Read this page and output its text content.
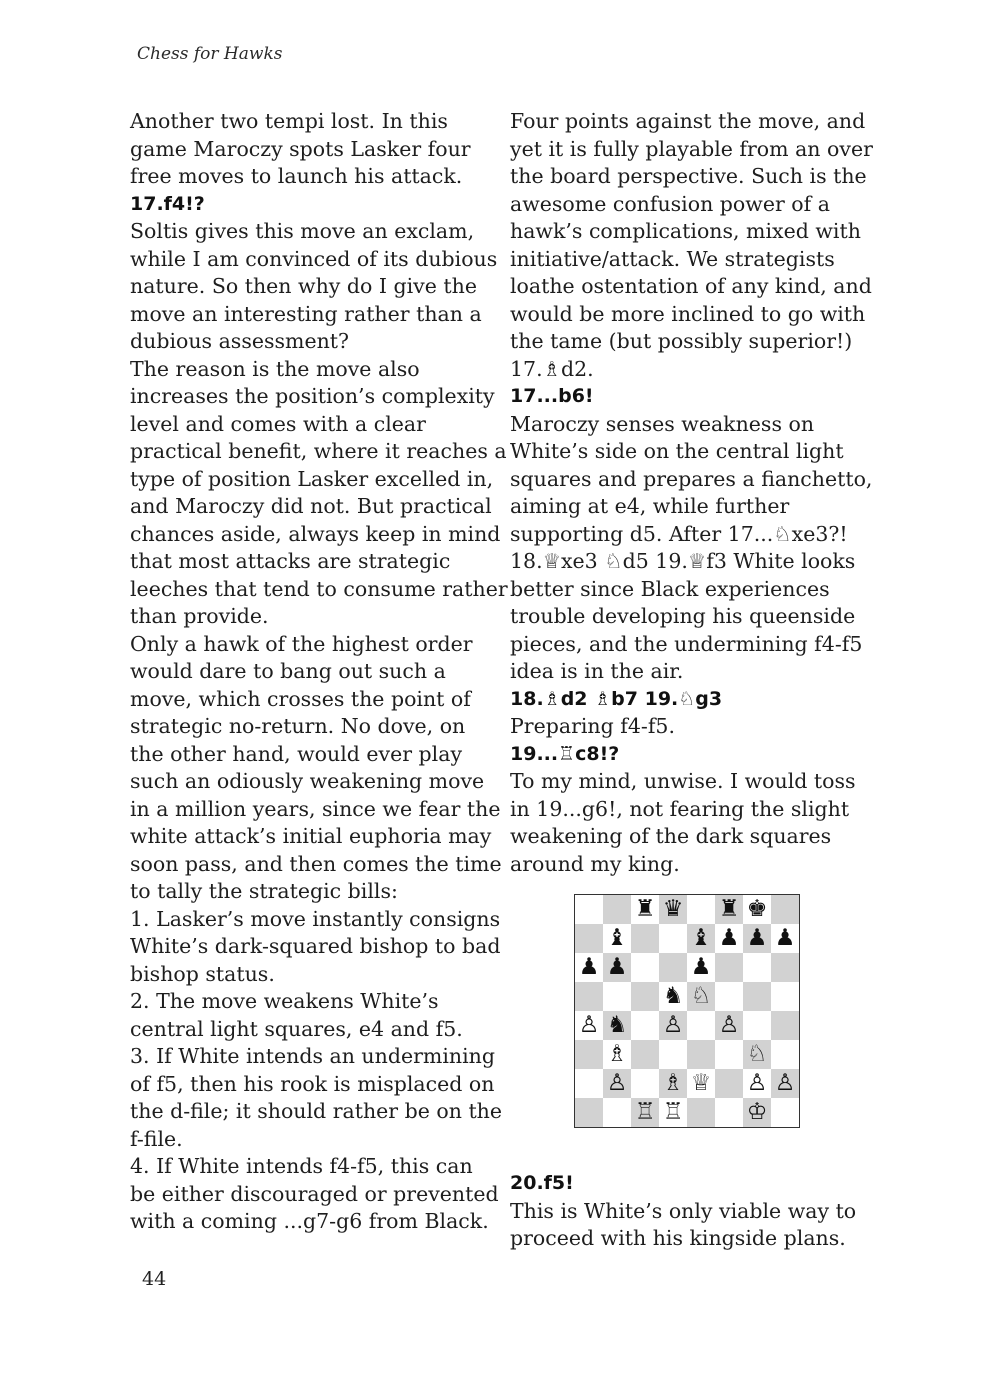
Chess for Hawks
Another two tempi lost. In this
game Maroczy spots Lasker four
free moves to launch his attack.
17.f4!?
Soltis gives this move an exclam,
while I am convinced of its dubious
nature. So then why do I give the
move an interesting rather than a
dubious assessment?
The reason is the move also
increases the position’s complexity
level and comes with a clear
practical benefit, where it reaches a
type of position Lasker excelled in,
and Maroczy did not. But practical
chances aside, always keep in mind
that most attacks are strategic
leeches that tend to consume rather
than provide.
Only a hawk of the highest order
would dare to bang out such a
move, which crosses the point of
strategic no-return. No dove, on
the other hand, would ever play
such an odiously weakening move
in a million years, since we fear the
white attack’s initial euphoria may
soon pass, and then comes the time
to tally the strategic bills:
1. Lasker’s move instantly consigns
White’s dark-squared bishop to bad
bishop status.
2. The move weakens White’s
central light squares, e4 and f5.
3. If White intends an undermining
of f5, then his rook is misplaced on
the d-file; it should rather be on the
f-file.
4. If White intends f4-f5, this can
be either discouraged or prevented
with a coming ...g7-g6 from Black.
Four points against the move, and
yet it is fully playable from an over
the board perspective. Such is the
awesome confusion power of a
hawk’s complications, mixed with
initiative/attack. We strategists
loathe ostentation of any kind, and
would be more inclined to go with
the tame (but possibly superior!)
17.♗d2.
17...b6!
Maroczy senses weakness on
White’s side on the central light
squares and prepares a fianchetto,
aiming at e4, while further
supporting d5. After 17...♘xe3?!
18.♕xe3 ♘d5 19.♕f3 White looks
better since Black experiences
trouble developing his queenside
pieces, and the undermining f4-f5
idea is in the air.
18.♗d2 ♗b7 19.♘g3
Preparing f4-f5.
19...♖c8!?
To my mind, unwise. I would toss
in 19...g6!, not fearing the slight
weakening of the dark squares
around my king.
♜ ♛ ♜ ♚
♝	♝ ♟ ♟ ♟
♟ ♟	♟
♞ ♘
♙ ♞ ♙ ♙
♗	♘
♙ ♗ ♕ ♙ ♙
♖ ♖	♔
20.f5!
This is White’s only viable way to
proceed with his kingside plans.
44
